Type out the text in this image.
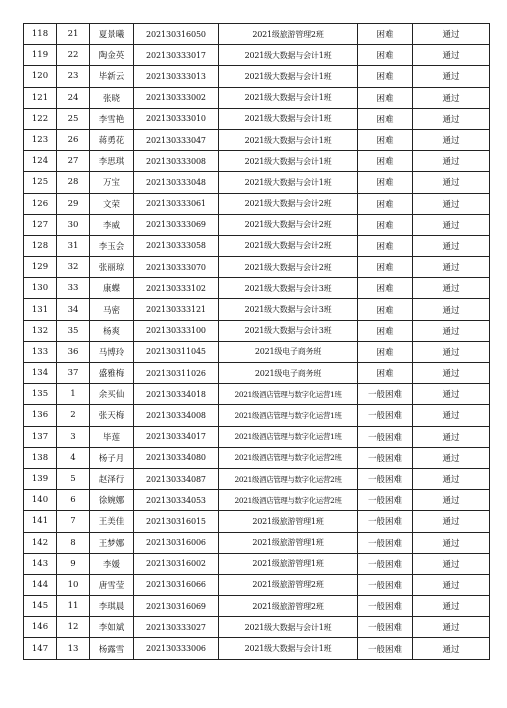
118	21	夏景曦	202130316050	2021级旅游管理2班	困难	通过
119	22	陶金英	202130333017	2021级大数据与会计1班	困难	通过
120	23	毕新云	202130333013	2021级大数据与会计1班	困难	通过
121	24	张晓	202130333002	2021级大数据与会计1班	困难	通过
122	25	李雪艳	202130333010	2021级大数据与会计1班	困难	通过
123	26	蒋勇花	202130333047	2021级大数据与会计1班	困难	通过
124	27	李思琪	202130333008	2021级大数据与会计1班	困难	通过
125	28	万宝	202130333048	2021级大数据与会计1班	困难	通过
126	29	文荣	202130333061	2021级大数据与会计2班	困难	通过
127	30	李威	202130333069	2021级大数据与会计2班	困难	通过
128	31	李玉会	202130333058	2021级大数据与会计2班	困难	通过
129	32	张丽琼	202130333070	2021级大数据与会计2班	困难	通过
130	33	康蝶	202130333102	2021级大数据与会计3班	困难	通过
131	34	马密	202130333121	2021级大数据与会计3班	困难	通过
132	35	杨爽	202130333100	2021级大数据与会计3班	困难	通过
133	36	马博玲	202130311045	2021级电子商务班	困难	通过
134	37	盛雅梅	202130311026	2021级电子商务班	困难	通过
135	1	余买仙	202130334018	2021级酒店管理与数字化运营1班	一般困难	通过
136	2	张天梅	202130334008	2021级酒店管理与数字化运营1班	一般困难	通过
137	3	毕莲	202130334017	2021级酒店管理与数字化运营1班	一般困难	通过
138	4	杨子月	202130334080	2021级酒店管理与数字化运营2班	一般困难	通过
139	5	赵泽行	202130334087	2021级酒店管理与数字化运营2班	一般困难	通过
140	6	徐婉娜	202130334053	2021级酒店管理与数字化运营2班	一般困难	通过
141	7	王美佳	202130316015	2021级旅游管理1班	一般困难	通过
142	8	王梦娜	202130316006	2021级旅游管理1班	一般困难	通过
143	9	李媛	202130316002	2021级旅游管理1班	一般困难	通过
144	10	唐雪莹	202130316066	2021级旅游管理2班	一般困难	通过
145	11	李琪晨	202130316069	2021级旅游管理2班	一般困难	通过
146	12	李如斌	202130333027	2021级大数据与会计1班	一般困难	通过
147	13	杨露雪	202130333006	2021级大数据与会计1班	一般困难	通过
